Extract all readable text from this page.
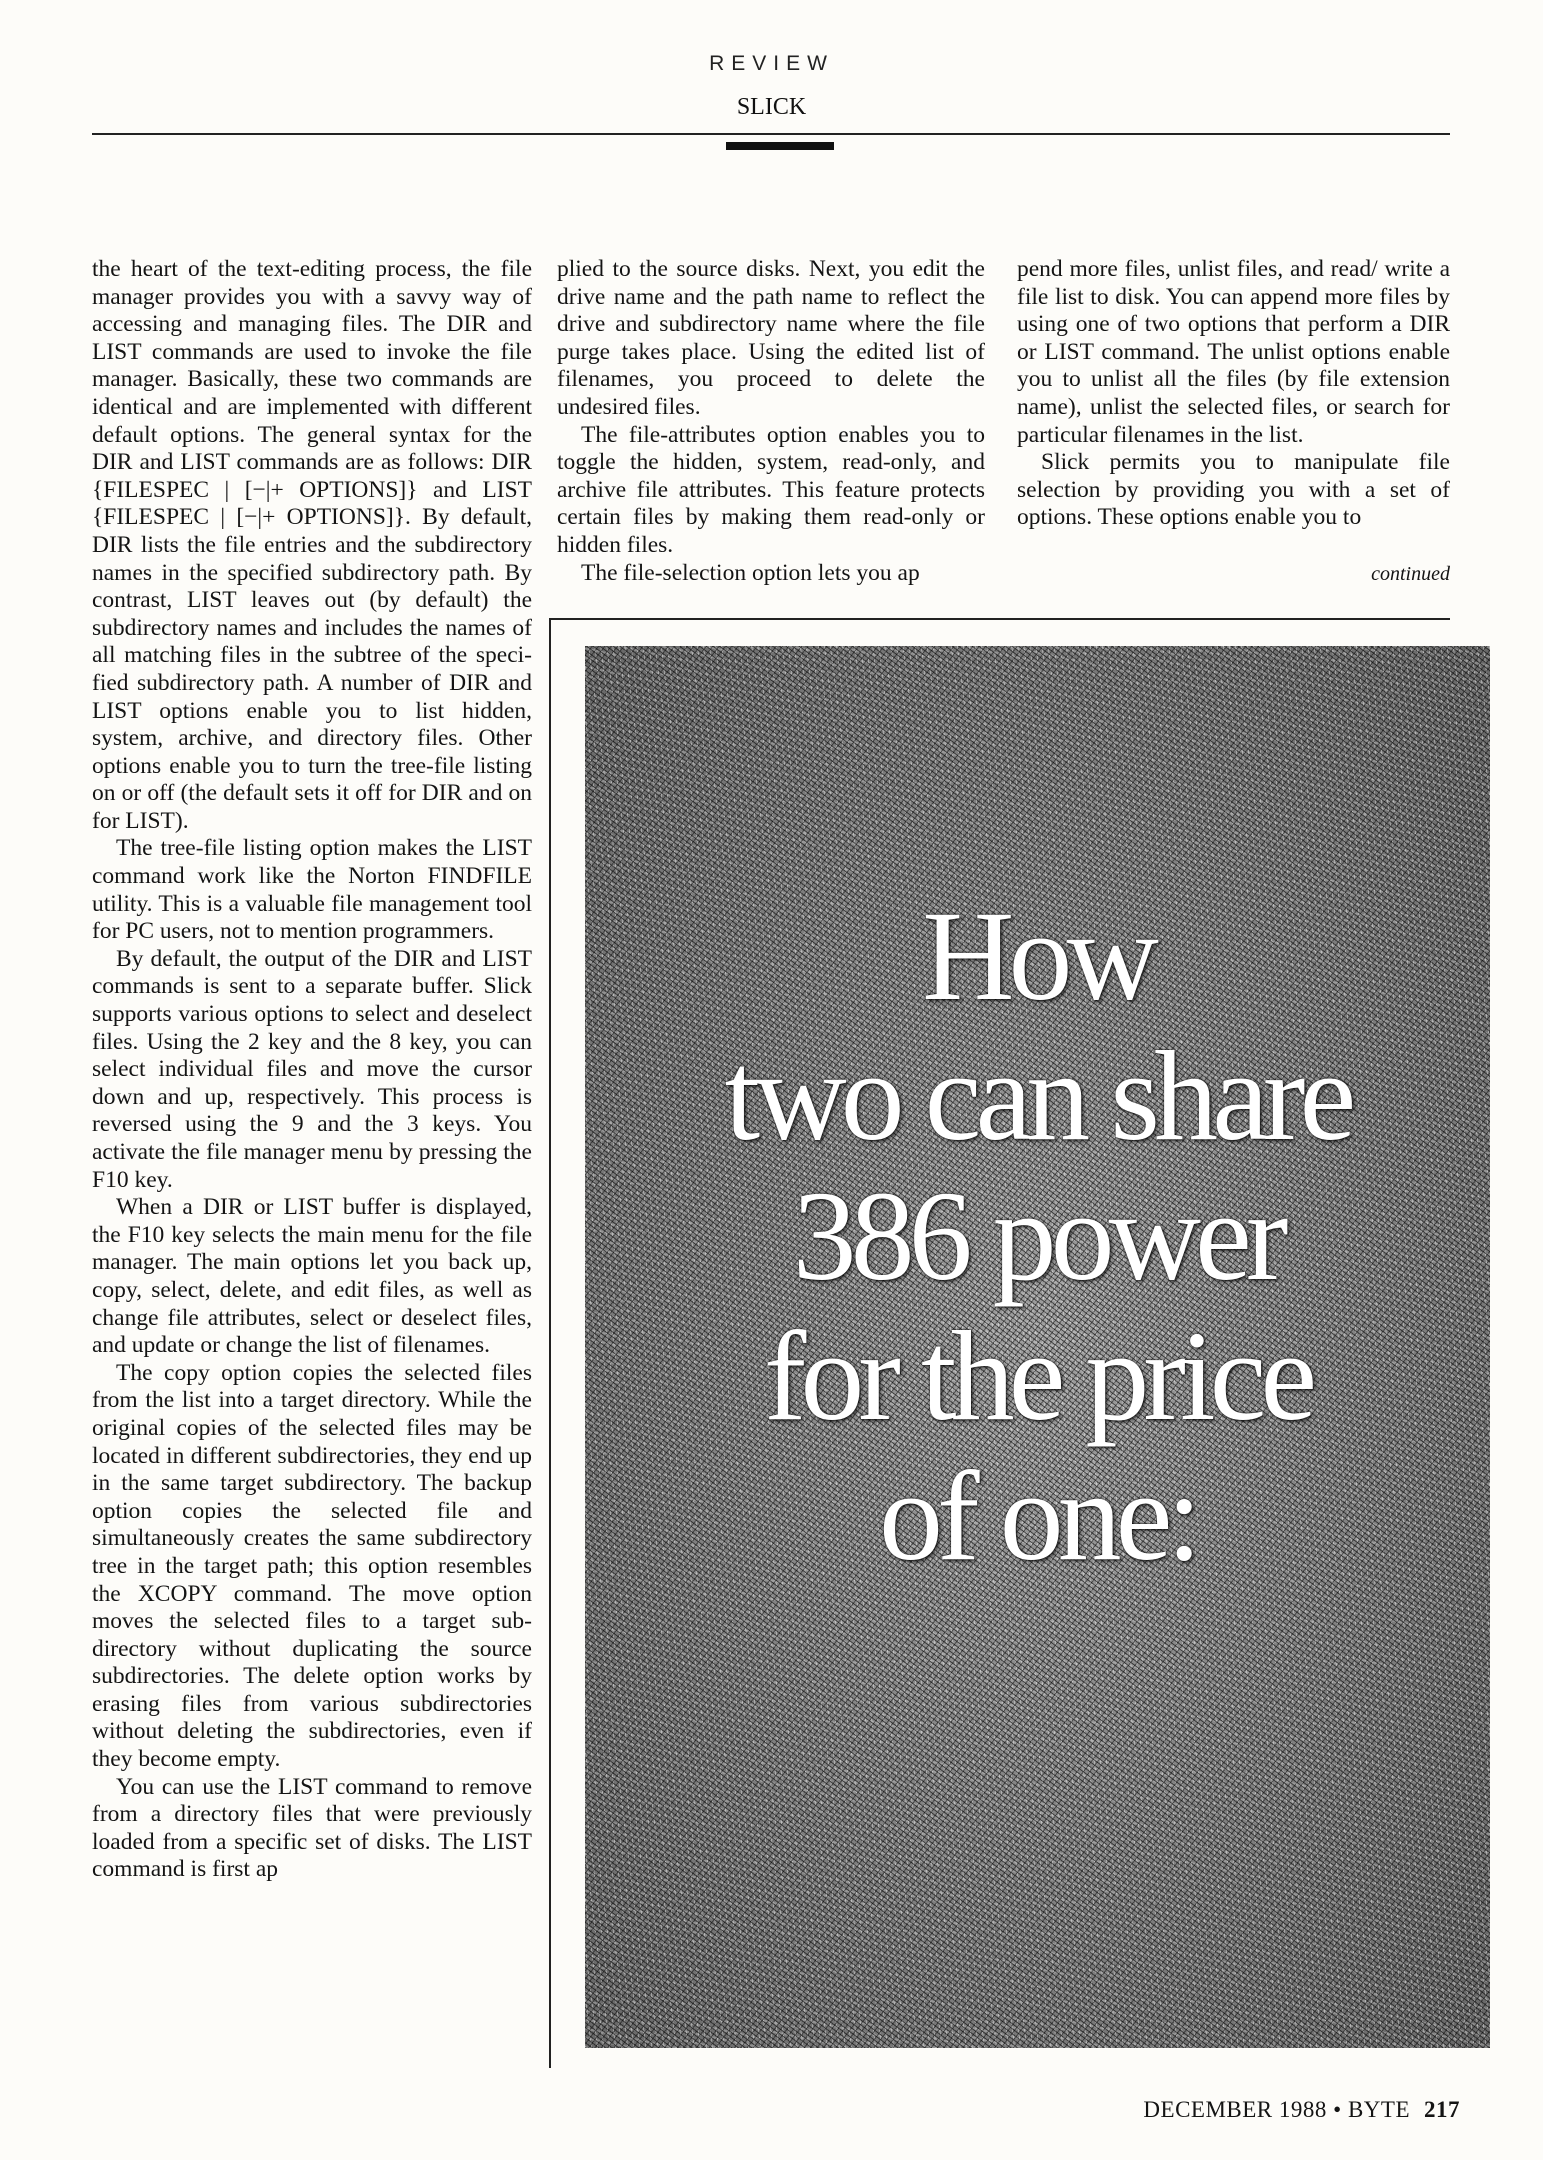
REVIEW
SLICK

the heart of the text-editing process, the file manager provides you with a savvy way of accessing and managing files. The DIR and LIST commands are used to invoke the file manager. Basically, these two commands are identical and are implemented with different default options. The general syntax for the DIR and LIST commands are as follows: DIR {FILESPEC | [−|+ OPTIONS]} and LIST {FILESPEC | [−|+ OPTIONS]}. By default, DIR lists the file entries and the subdirectory names in the specified subdirectory path. By contrast, LIST leaves out (by default) the subdirectory names and includes the names of all matching files in the subtree of the specified subdirectory path. A number of DIR and LIST options enable you to list hidden, system, archive, and directory files. Other options enable you to turn the tree-file listing on or off (the default sets it off for DIR and on for LIST).

The tree-file listing option makes the LIST command work like the Norton FINDFILE utility. This is a valuable file management tool for PC users, not to mention programmers.

By default, the output of the DIR and LIST commands is sent to a separate buffer. Slick supports various options to select and deselect files. Using the 2 key and the 8 key, you can select individual files and move the cursor down and up, respectively. This process is reversed using the 9 and the 3 keys. You activate the file manager menu by pressing the F10 key.

When a DIR or LIST buffer is displayed, the F10 key selects the main menu for the file manager. The main options let you back up, copy, select, delete, and edit files, as well as change file attributes, select or deselect files, and update or change the list of filenames.

The copy option copies the selected files from the list into a target directory. While the original copies of the selected files may be located in different subdirectories, they end up in the same target subdirectory. The backup option copies the selected file and simultaneously creates the same subdirectory tree in the target path; this option resembles the XCOPY command. The move option moves the selected files to a target subdirectory without duplicating the source subdirectories. The delete option works by erasing files from various subdirectories without deleting the subdirectories, even if they become empty.

You can use the LIST command to remove from a directory files that were previously loaded from a specific set of disks. The LIST command is first ap

plied to the source disks. Next, you edit the drive name and the path name to reflect the drive and subdirectory name where the file purge takes place. Using the edited list of filenames, you proceed to delete the undesired files.

The file-attributes option enables you to toggle the hidden, system, read-only, and archive file attributes. This feature protects certain files by making them read-only or hidden files.

The file-selection option lets you ap

pend more files, unlist files, and read/ write a file list to disk. You can append more files by using one of two options that perform a DIR or LIST command. The unlist options enable you to unlist all the files (by file extension name), unlist the selected files, or search for particular filenames in the list.

Slick permits you to manipulate file selection by providing you with a set of options. These options enable you to

continued
How
two can share
386 power
for the price
of one:
DECEMBER 1988 • BYTE 217
